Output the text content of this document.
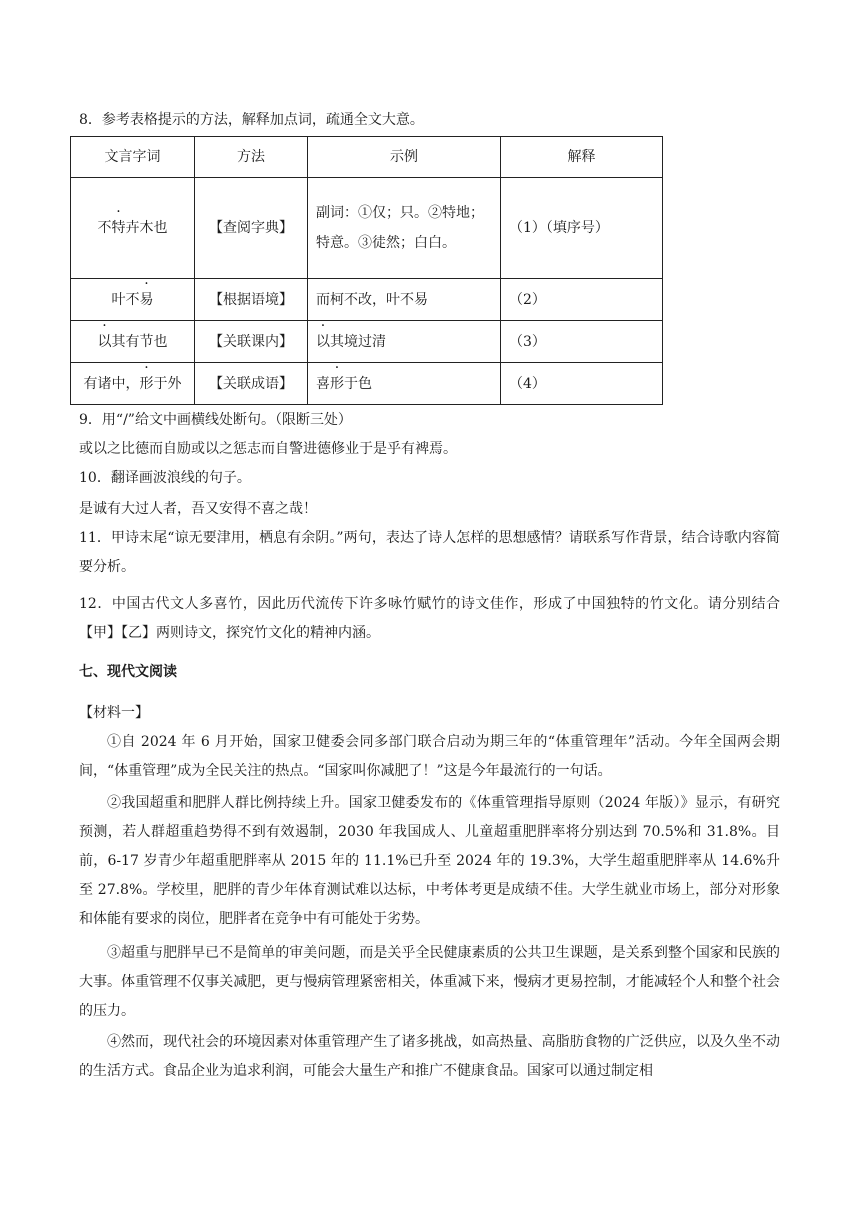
8．参考表格提示的方法，解释加点词，疏通全文大意。
文言字词	方法	示例	解释
不特卉木也	【查阅字典】	副词：①仅；只。②特地；特意。③徒然；白白。	（1）（填序号）
叶不易	【根据语境】	而柯不改，叶不易	（2）
以其有节也	【关联课内】	以其境过清	（3）
有诸中，形于外	【关联成语】	喜形于色	（4）
9．用“/”给文中画横线处断句。（限断三处）
或以之比德而自励或以之惩志而自警进德修业于是乎有裨焉。
10．翻译画波浪线的句子。
是诚有大过人者，吾又安得不喜之哉！
11．甲诗末尾“谅无要津用，栖息有余阴。”两句，表达了诗人怎样的思想感情？请联系写作背景，结合诗歌内容简要分析。
12．中国古代文人多喜竹，因此历代流传下许多咏竹赋竹的诗文佳作，形成了中国独特的竹文化。请分别结合【甲】【乙】两则诗文，探究竹文化的精神内涵。
七、现代文阅读
【材料一】
①自 2024 年 6 月开始，国家卫健委会同多部门联合启动为期三年的“体重管理年”活动。今年全国两会期间，“体重管理”成为全民关注的热点。“国家叫你减肥了！”这是今年最流行的一句话。
②我国超重和肥胖人群比例持续上升。国家卫健委发布的《体重管理指导原则（2024 年版）》显示，有研究预测，若人群超重趋势得不到有效遏制，2030 年我国成人、儿童超重肥胖率将分别达到 70.5%和 31.8%。目前，6-17 岁青少年超重肥胖率从 2015 年的 11.1%已升至 2024 年的 19.3%，大学生超重肥胖率从 14.6%升至 27.8%。学校里，肥胖的青少年体育测试难以达标，中考体考更是成绩不佳。大学生就业市场上，部分对形象和体能有要求的岗位，肥胖者在竞争中有可能处于劣势。
③超重与肥胖早已不是简单的审美问题，而是关乎全民健康素质的公共卫生课题，是关系到整个国家和民族的大事。体重管理不仅事关减肥，更与慢病管理紧密相关，体重减下来，慢病才更易控制，才能减轻个人和整个社会的压力。
④然而，现代社会的环境因素对体重管理产生了诸多挑战，如高热量、高脂肪食物的广泛供应，以及久坐不动的生活方式。食品企业为追求利润，可能会大量生产和推广不健康食品。国家可以通过制定相
